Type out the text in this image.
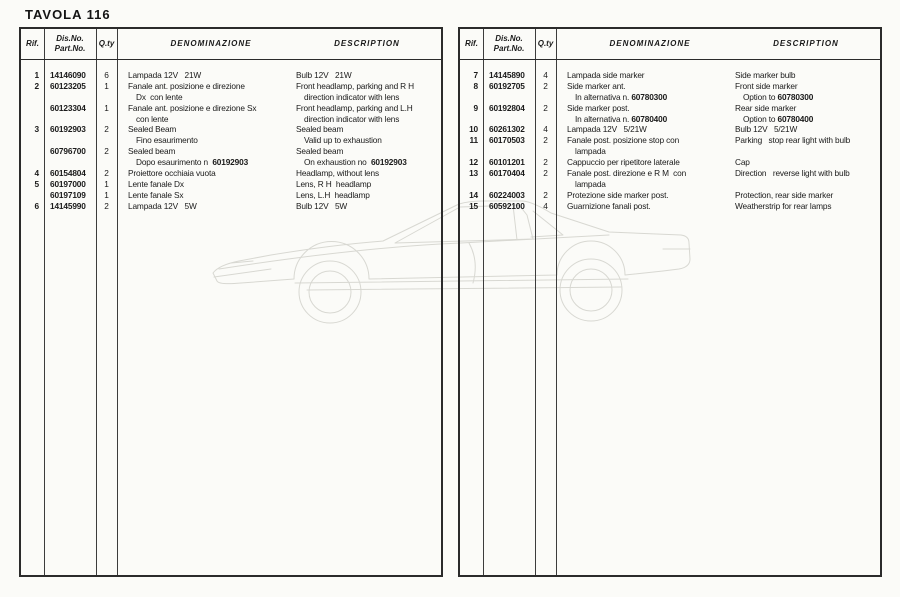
TAVOLA 116
Rif.
Dis.No.
Part.No.
Q.ty	DENOMINAZIONE	DESCRIPTION
1 14146090	6	Lampada 12V   21W	Bulb 12V   21W
2 60123205	1	Fanale ant. posizione e direzione	Front headlamp, parking and R H
Dx  con lente	direction indicator with lens
60123304	1	Fanale ant. posizione e direzione Sx	Front headlamp, parking and L.H
con lente	direction indicator with lens
3 60192903	2	Sealed Beam	Sealed beam
Fino esaurimento	Valid up to exhaustion
60796700	2	Sealed beam	Sealed beam
Dopo esaurimento n  60192903	On exhaustion no  60192903
4 60154804	2	Proiettore occhiaia vuota	Headlamp, without lens
5 60197000	1	Lente fanale Dx	Lens, R H  headlamp
60197109	1	Lente fanale Sx	Lens, L.H  headlamp
6 14145990	2	Lampada 12V   5W	Bulb 12V   5W
Rif.
Dis.No.
Part.No.
Q.ty	DENOMINAZIONE	DESCRIPTION
7 14145890	4	Lampada side marker	Side marker bulb
8 60192705	2	Side marker ant.	Front side marker
In alternativa n. 60780300	Option to 60780300
9 60192804	2	Side marker post.	Rear side marker
In alternativa n. 60780400	Option to 60780400
10 60261302	4	Lampada 12V   5/21W	Bulb 12V   5/21W
11 60170503	2	Fanale post. posizione stop con	Parking   stop rear light with bulb
lampada
12 60101201	2	Cappuccio per ripetitore laterale	Cap
13 60170404	2	Fanale post. direzione e R M  con	Direction   reverse light with bulb
lampada
14 60224003	2	Protezione side marker post.	Protection, rear side marker
15 60592100	4	Guarnizione fanali post.	Weatherstrip for rear lamps
